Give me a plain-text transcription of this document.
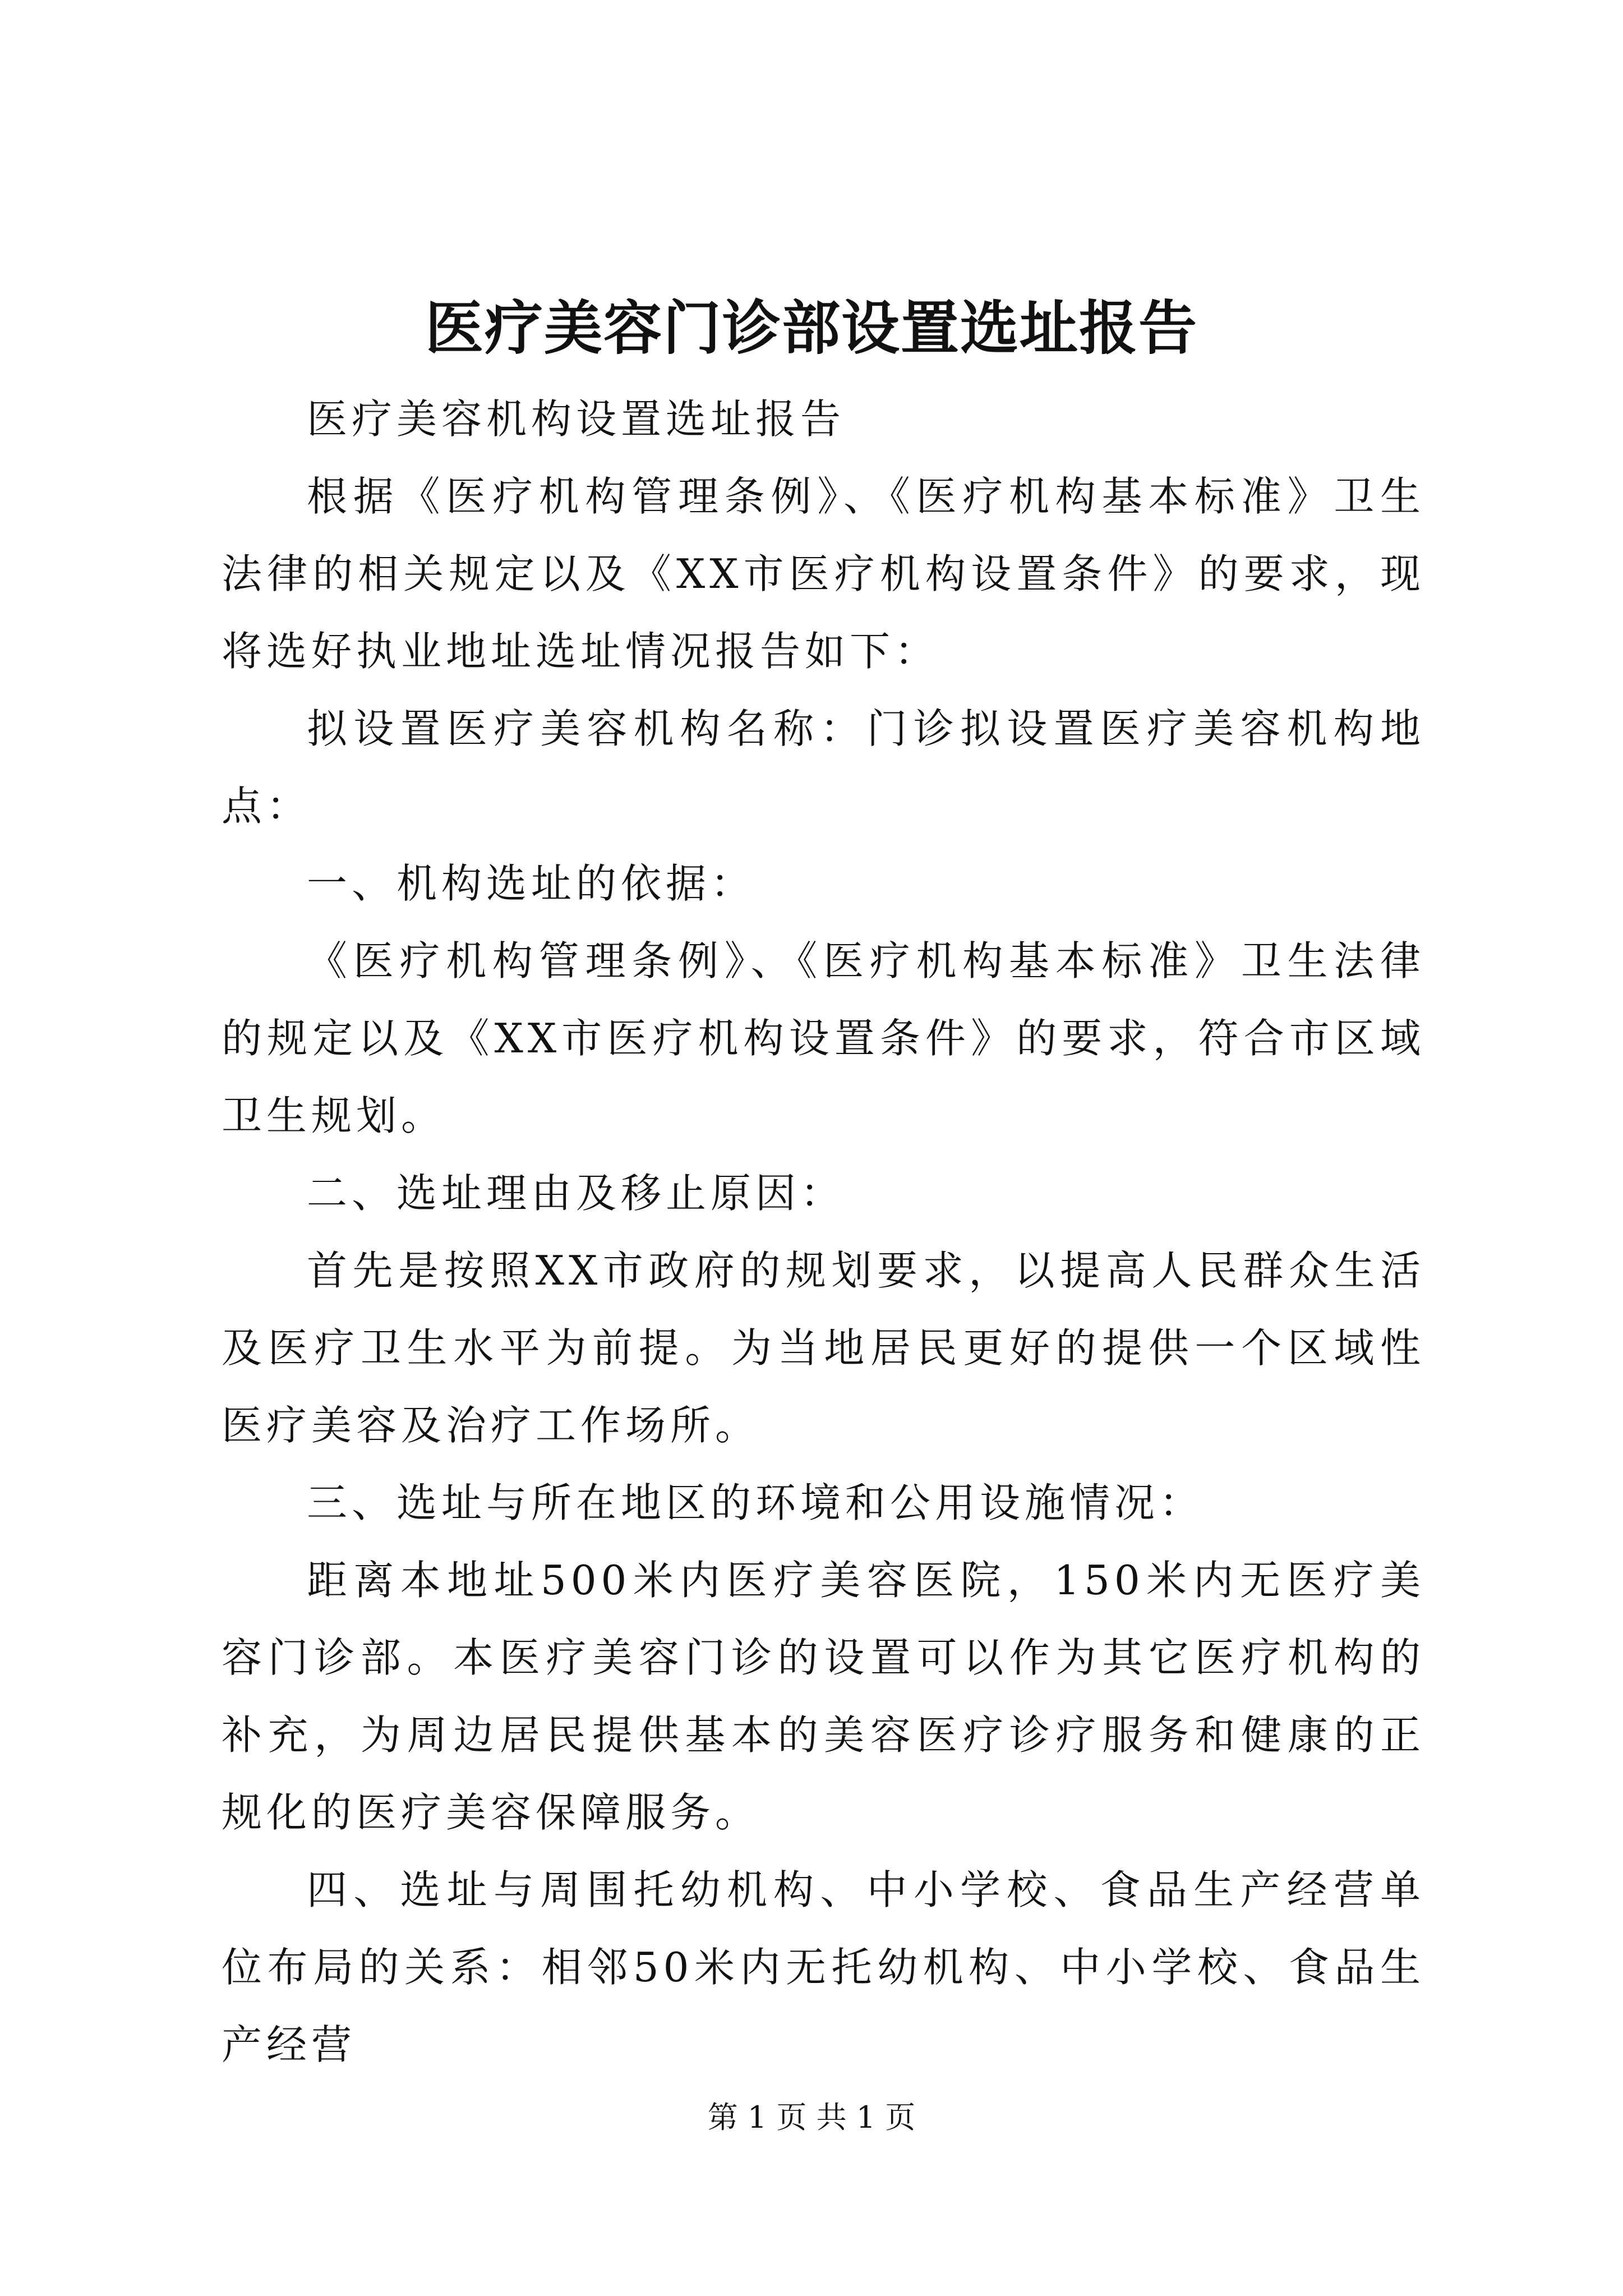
医疗美容门诊部设置选址报告

医疗美容机构设置选址报告

根据《医疗机构管理条例》、《医疗机构基本标准》卫生法律的相关规定以及《XX市医疗机构设置条件》的要求，现将选好执业地址选址情况报告如下：

拟设置医疗美容机构名称：门诊拟设置医疗美容机构地点：

一、机构选址的依据：

《医疗机构管理条例》、《医疗机构基本标准》卫生法律的规定以及《XX市医疗机构设置条件》的要求，符合市区域卫生规划。

二、选址理由及移止原因：

首先是按照XX市政府的规划要求，以提高人民群众生活及医疗卫生水平为前提。为当地居民更好的提供一个区域性医疗美容及治疗工作场所。

三、选址与所在地区的环境和公用设施情况：

距离本地址500米内医疗美容医院，150米内无医疗美容门诊部。本医疗美容门诊的设置可以作为其它医疗机构的补充，为周边居民提供基本的美容医疗诊疗服务和健康的正规化的医疗美容保障服务。

四、选址与周围托幼机构、中小学校、食品生产经营单位布局的关系：相邻50米内无托幼机构、中小学校、食品生产经营

第 1 页 共 1 页
